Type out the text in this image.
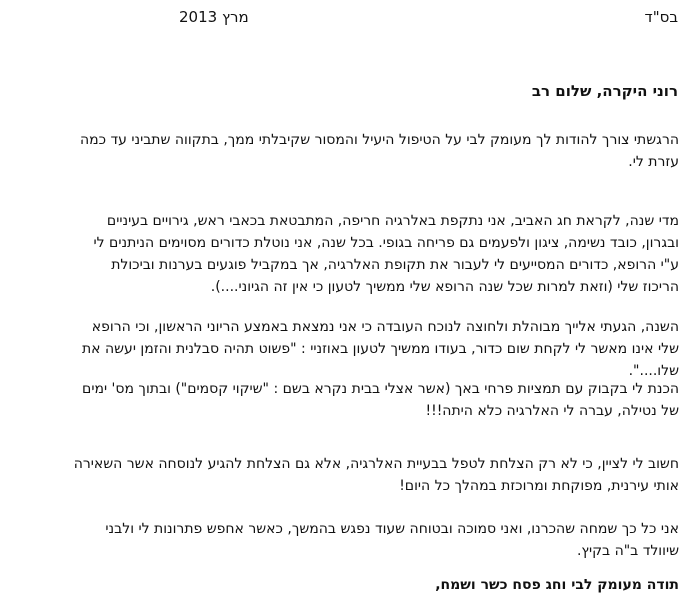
בס"ד
מרץ 2013
רוני היקרה, שלום רב
הרגשתי צורך להודות לך מעומק לבי על הטיפול היעיל והמסור שקיבלתי ממך, בתקווה שתביני עד כמה
עזרת לי.
מדי שנה, לקראת חג האביב, אני נתקפת באלרגיה חריפה, המתבטאת בכאבי ראש, גירויים בעיניים
ובגרון, כובד נשימה, ציגון ולפעמים גם פריחה בגופי. בכל שנה, אני נוטלת כדורים מסוימים הניתנים לי
ע"י הרופא, כדורים המסייעים לי לעבור את תקופת האלרגיה, אך במקביל פוגעים בערנות וביכולת
הריכוז שלי (וזאת למרות שכל שנה הרופא שלי ממשיך לטעון כי אין זה הגיוני....).
השנה, הגעתי אלייך מבוהלת ולחוצה לנוכח העובדה כי אני נמצאת באמצע הריוני הראשון, וכי הרופא
שלי אינו מאשר לי לקחת שום כדור, בעודו ממשיך לטעון באוזניי : "פשוט תהיה סבלנית והזמן יעשה את
שלו....".
הכנת לי בקבוק עם תמציות פרחי באך (אשר אצלי בבית נקרא בשם : "שיקוי קסמים") ובתוך מס' ימים
של נטילה, עברה לי האלרגיה כלא היתה!!!
חשוב לי לציין, כי לא רק הצלחת לטפל בבעיית האלרגיה, אלא גם הצלחת להגיע לנוסחה אשר השאירה
אותי עירנית, מפוקחת ומרוכזת במהלך כל היום!
אני כל כך שמחה שהכרנו, ואני סמוכה ובטוחה שעוד נפגש בהמשך, כאשר אחפש פתרונות לי ולבני
שיוולד ב"ה בקיץ.
תודה מעומק לבי וחג פסח כשר ושמח,
